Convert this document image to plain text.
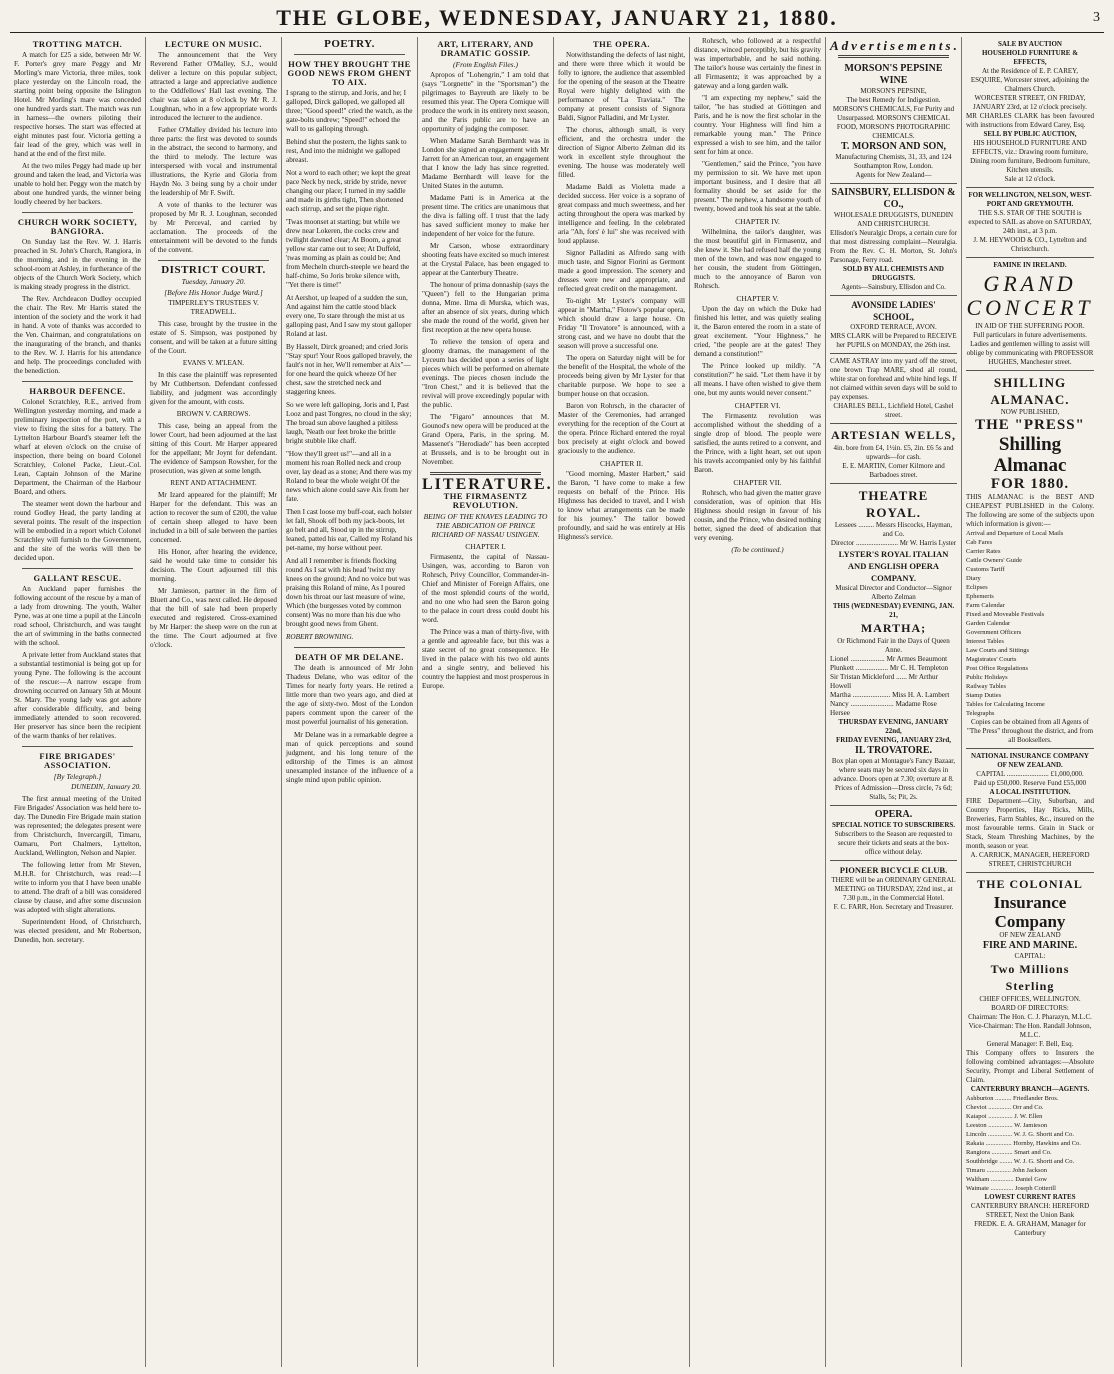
THE GLOBE, WEDNESDAY, JANUARY 21, 1880.	3
TROTTING MATCH.

A match for £25 a side, between Mr W. F. Porter's grey mare Peggy and Mr Morling's mare Victoria, three miles, took place yesterday on the Lincoln road, the starting point being opposite the Islington Hotel. Mr Morling's mare was conceded one hundred yards start. The match was run in harness—the owners piloting their respective horses. The start was effected at eight minutes past four. Victoria getting a fair lead of the grey, which was well in hand at the end of the first mile.

At the two miles Peggy had made up her ground and taken the lead, and Victoria was unable to hold her. Peggy won the match by about one hundred yards, the winner being loudly cheered by her backers.

CHURCH WORK SOCIETY, BANGIORA.

On Sunday last the Rev. W. J. Harris preached in St. John's Church, Rangiora, in the morning, and in the evening in the school-room at Ashley, in furtherance of the objects of the Church Work Society, which is making steady progress in the district.

The Rev. Archdeacon Dudley occupied the chair. The Rev. Mr Harris stated the intention of the society and the work it had in hand. A vote of thanks was accorded to the Ven. Chairman, and congratulations on the inaugurating of the branch, and thanks to the Rev. W. J. Harris for his attendance and help. The proceedings concluded with the benediction.

HARBOUR DEFENCE.

Colonel Scratchley, R.E., arrived from Wellington yesterday morning, and made a preliminary inspection of the port, with a view to fixing the sites for a battery. The Lyttelton Harbour Board's steamer left the wharf at eleven o'clock on the cruise of inspection, there being on board Colonel Scratchley, Colonel Packe, Lieut.-Col. Lean, Captain Johnson of the Marine Department, the Chairman of the Harbour Board, and others.

The steamer went down the harbour and round Godley Head, the party landing at several points. The result of the inspection will be embodied in a report which Colonel Scratchley will furnish to the Government, and the site of the works will then be decided upon.

GALLANT RESCUE.

An Auckland paper furnishes the following account of the rescue by a man of a lady from drowning. The youth, Walter Pyne, was at one time a pupil at the Lincoln road school, Christchurch, and was taught the art of swimming in the baths connected with the school.

A private letter from Auckland states that a substantial testimonial is being got up for young Pyne. The following is the account of the rescue:—A narrow escape from drowning occurred on January 5th at Mount St. Mary. The young lady was got ashore after considerable difficulty, and being immediately attended to soon recovered. Her preserver has since been the recipient of the warm thanks of her relatives.

FIRE BRIGADES' ASSOCIATION.
[By Telegraph.]

DUNEDIN, January 20.

The first annual meeting of the United Fire Brigades' Association was held here to-day. The Dunedin Fire Brigade main station was represented; the delegates present were from Christchurch, Invercargill, Timaru, Oamaru, Port Chalmers, Lyttelton, Auckland, Wellington, Nelson and Napier.

The following letter from Mr Steven, M.H.R. for Christchurch, was read:—I write to inform you that I have been unable to attend. The draft of a bill was considered clause by clause, and after some discussion was adopted with slight alterations.

Superintendent Hood, of Christchurch, was elected president, and Mr Robertson, Dunedin, hon. secretary.

LECTURE ON MUSIC.

The announcement that the Very Reverend Father O'Malley, S.J., would deliver a lecture on this popular subject, attracted a large and appreciative audience to the Oddfellows' Hall last evening. The chair was taken at 8 o'clock by Mr R. J. Loughnan, who in a few appropriate words introduced the lecturer to the audience.

Father O'Malley divided his lecture into three parts: the first was devoted to sounds in the abstract, the second to harmony, and the third to melody. The lecture was interspersed with vocal and instrumental illustrations, the Kyrie and Gloria from Haydn No. 3 being sung by a choir under the leadership of Mr F. Swift.

A vote of thanks to the lecturer was proposed by Mr R. J. Loughnan, seconded by Mr Perceval, and carried by acclamation. The proceeds of the entertainment will be devoted to the funds of the convent.

DISTRICT COURT.
Tuesday, January 20.
[Before His Honor Judge Ward.]

TIMPERLEY'S TRUSTEES V. TREADWELL.

This case, brought by the trustee in the estate of S. Simpson, was postponed by consent, and will be taken at a future sitting of the Court.

EVANS V. M'LEAN.

In this case the plaintiff was represented by Mr Cuthbertson. Defendant confessed liability, and judgment was accordingly given for the amount, with costs.

BROWN V. CARROWS.

This case, being an appeal from the lower Court, had been adjourned at the last sitting of this Court. Mr Harper appeared for the appellant; Mr Joynt for defendant. The evidence of Sampson Rowsher, for the prosecution, was given at some length.

RENT AND ATTACHMENT.

Mr Izard appeared for the plaintiff; Mr Harper for the defendant. This was an action to recover the sum of £200, the value of certain sheep alleged to have been included in a bill of sale between the parties concerned.

His Honor, after hearing the evidence, said he would take time to consider his decision. The Court adjourned till this morning.

Mr Jamieson, partner in the firm of Bluett and Co., was next called. He deposed that the bill of sale had been properly executed and registered. Cross-examined by Mr Harper: the sheep were on the run at the time. The Court adjourned at five o'clock.

POETRY.
HOW THEY BROUGHT THE GOOD NEWS FROM GHENT TO AIX.

I sprang to the stirrup, and Joris, and he; I galloped, Dirck galloped, we galloped all three; "Good speed!" cried the watch, as the gate-bolts undrew; "Speed!" echoed the wall to us galloping through.

Behind shut the postern, the lights sank to rest, And into the midnight we galloped abreast.

Not a word to each other; we kept the great pace Neck by neck, stride by stride, never changing our place; I turned in my saddle and made its girths tight, Then shortened each stirrup, and set the pique right.

'Twas moonset at starting; but while we drew near Lokeren, the cocks crew and twilight dawned clear; At Boom, a great yellow star came out to see; At Duffeld, 'twas morning as plain as could be; And from Mecheln church-steeple we heard the half-chime, So Joris broke silence with, "Yet there is time!"

At Aershot, up leaped of a sudden the sun, And against him the cattle stood black every one, To stare through the mist at us galloping past, And I saw my stout galloper Roland at last.

By Hasselt, Dirck groaned; and cried Joris "Stay spur! Your Roos galloped bravely, the fault's not in her, We'll remember at Aix"—for one heard the quick wheeze Of her chest, saw the stretched neck and staggering knees.

So we were left galloping, Joris and I, Past Looz and past Tongres, no cloud in the sky; The broad sun above laughed a pitiless laugh, 'Neath our feet broke the brittle bright stubble like chaff.

"How they'll greet us!"—and all in a moment his roan Rolled neck and croup over, lay dead as a stone; And there was my Roland to bear the whole weight Of the news which alone could save Aix from her fate.

Then I cast loose my buff-coat, each holster let fall, Shook off both my jack-boots, let go belt and all, Stood up in the stirrup, leaned, patted his ear, Called my Roland his pet-name, my horse without peer.

And all I remember is friends flocking round As I sat with his head 'twixt my knees on the ground; And no voice but was praising this Roland of mine, As I poured down his throat our last measure of wine, Which (the burgesses voted by common consent) Was no more than his due who brought good news from Ghent.

ROBERT BROWNING.

DEATH OF MR DELANE.

The death is announced of Mr John Thadeus Delane, who was editor of the Times for nearly forty years. He retired a little more than two years ago, and died at the age of sixty-two. Most of the London papers comment upon the career of the most powerful journalist of his generation.

Mr Delane was in a remarkable degree a man of quick perceptions and sound judgment, and his long tenure of the editorship of the Times is an almost unexampled instance of the influence of a single mind upon public opinion.

ART, LITERARY, AND DRAMATIC GOSSIP.
(From English Files.)

Apropos of "Lohengrin," I am told that (says "Lorgnette" in the "Sportsman") the pilgrimages to Bayreuth are likely to be resumed this year. The Opera Comique will produce the work in its entirety next season, and the Paris public are to have an opportunity of judging the composer.

When Madame Sarah Bernhardt was in London she signed an engagement with Mr Jarrett for an American tour, an engagement that I know the lady has since regretted. Madame Bernhardt will leave for the United States in the autumn.

Madame Patti is in America at the present time. The critics are unanimous that the diva is falling off. I trust that the lady has saved sufficient money to make her independent of her voice for the future.

Mr Carson, whose extraordinary shooting feats have excited so much interest at the Crystal Palace, has been engaged to appear at the Canterbury Theatre.

The honour of prima donnaship (says the "Queen") fell to the Hungarian prima donna, Mme. Ilma di Murska, which was, after an absence of six years, during which she made the round of the world, given her first reception at the new opera house.

To relieve the tension of opera and gloomy dramas, the management of the Lyceum has decided upon a series of light pieces which will be performed on alternate evenings. The pieces chosen include the "Iron Chest," and it is believed that the revival will prove exceedingly popular with the public.

The "Figaro" announces that M. Gounod's new opera will be produced at the Grand Opera, Paris, in the spring. M. Massenet's "Herodiade" has been accepted at Brussels, and is to be brought out in November.

LITERATURE.
THE FIRMASENTZ REVOLUTION.
BEING OF THE KNAVES LEADING TO THE ABDICATION OF PRINCE RICHARD OF NASSAU USINGEN.
CHAPTER I.

Firmasentz, the capital of Nassau-Usingen, was, according to Baron von Rohrsch, Privy Councillor, Commander-in-Chief and Minister of Foreign Affairs, one of the most splendid courts of the world, and no one who had seen the Baron going to the palace in court dress could doubt his word.

The Prince was a man of thirty-five, with a gentle and agreeable face, but this was a state secret of no great consequence. He lived in the palace with his two old aunts and a single sentry, and believed his country the happiest and most prosperous in Europe.

THE OPERA.

Notwithstanding the defects of last night, and there were three which it would be folly to ignore, the audience that assembled for the opening of the season at the Theatre Royal were highly delighted with the performance of "La Traviata." The company at present consists of Signora Baldi, Signor Palladini, and Mr Lyster.

The chorus, although small, is very efficient, and the orchestra under the direction of Signor Alberto Zelman did its work in excellent style throughout the evening. The house was moderately well filled.

Madame Baldi as Violetta made a decided success. Her voice is a soprano of great compass and much sweetness, and her acting throughout the opera was marked by intelligence and feeling. In the celebrated aria "Ah, fors' è lui" she was received with loud applause.

Signor Palladini as Alfredo sang with much taste, and Signor Fiorini as Germont made a good impression. The scenery and dresses were new and appropriate, and reflected great credit on the management.

To-night Mr Lyster's company will appear in "Martha," Flotow's popular opera, which should draw a large house. On Friday "Il Trovatore" is announced, with a strong cast, and we have no doubt that the season will prove a successful one.

The opera on Saturday night will be for the benefit of the Hospital, the whole of the proceeds being given by Mr Lyster for that charitable purpose. We hope to see a bumper house on that occasion.

Baron von Rohrsch, in the character of Master of the Ceremonies, had arranged everything for the reception of the Court at the opera. Prince Richard entered the royal box precisely at eight o'clock and bowed graciously to the audience.

CHAPTER II.

"Good morning, Master Harbert," said the Baron, "I have come to make a few requests on behalf of the Prince. His Highness has decided to travel, and I wish to know what arrangements can be made for his journey." The tailor bowed profoundly, and said he was entirely at His Highness's service.

Rohrsch, who followed at a respectful distance, winced perceptibly, but his gravity was imperturbable, and he said nothing. The tailor's house was certainly the finest in all Firmasentz; it was approached by a gateway and a long garden walk.

"I am expecting my nephew," said the tailor, "he has studied at Göttingen and Paris, and he is now the first scholar in the country. Your Highness will find him a remarkable young man." The Prince expressed a wish to see him, and the tailor sent for him at once.

"Gentlemen," said the Prince, "you have my permission to sit. We have met upon important business, and I desire that all formality should be set aside for the present." The nephew, a handsome youth of twenty, bowed and took his seat at the table.

CHAPTER IV.

Wilhelmina, the tailor's daughter, was the most beautiful girl in Firmasentz, and she knew it. She had refused half the young men of the town, and was now engaged to her cousin, the student from Göttingen, much to the annoyance of Baron von Rohrsch.

CHAPTER V.

Upon the day on which the Duke had finished his letter, and was quietly sealing it, the Baron entered the room in a state of great excitement. "Your Highness," he cried, "the people are at the gates! They demand a constitution!"

The Prince looked up mildly. "A constitution?" he said. "Let them have it by all means. I have often wished to give them one, but my aunts would never consent."

CHAPTER VI.

The Firmasentz revolution was accomplished without the shedding of a single drop of blood. The people were satisfied, the aunts retired to a convent, and the Prince, with a light heart, set out upon his travels accompanied only by his faithful Baron.

CHAPTER VII.

Rohrsch, who had given the matter grave consideration, was of opinion that His Highness should resign in favour of his cousin, and the Prince, who desired nothing better, signed the deed of abdication that very evening.

(To be continued.)

Advertisements.
MORSON'S PEPSINE WINE
MORSON'S PEPSINE,
The best Remedy for Indigestion. MORSON'S CHEMICALS, For Purity and Unsurpassed. MORSON'S CHEMICAL FOOD, MORSON'S PHOTOGRAPHIC CHEMICALS.
T. MORSON AND SON,
Manufacturing Chemists, 31, 33, and 124 Southampton Row, London.
Agents for New Zealand—
SAINSBURY, ELLISDON & CO.,
WHOLESALE DRUGGISTS, DUNEDIN AND CHRISTCHURCH.
Ellisdon's Neuralgic Drops, a certain cure for that most distressing complaint—Neuralgia. From the Rev. C. H. Morton, St. John's Parsonage, Ferry road.
SOLD BY ALL CHEMISTS AND DRUGGISTS.
Agents—Sainsbury, Ellisdon and Co.
AVONSIDE LADIES' SCHOOL,
OXFORD TERRACE, AVON.
MRS CLARK will be Prepared to RECEIVE her PUPILS on MONDAY, the 26th inst.
CAME ASTRAY into my yard off the street, one brown Trap MARE, shod all round, white star on forehead and white hind legs. If not claimed within seven days will be sold to pay expenses.
CHARLES BELL, Lichfield Hotel, Cashel street.
ARTESIAN WELLS,
4in. bore from £4, 1½in. £5, 2in. £6 5s and upwards—for cash.
E. E. MARTIN, Corner Kilmore and Barbadoes street.
THEATRE ROYAL.
Lessees ......... Messrs Hiscocks, Hayman, and Co.
Director ........................ Mr W. Harris Lyster
LYSTER'S ROYAL ITALIAN AND ENGLISH OPERA COMPANY.
Musical Director and Conductor—Signor Alberto Zelman
THIS (WEDNESDAY) EVENING, JAN. 21,
MARTHA;
Or Richmond Fair in the Days of Queen Anne.
Lionel ................... Mr Armes Beaumont
Plunkett .................. Mr C. H. Templeton
Sir Tristan Mickleford ...... Mr Arthur Howell
Martha ..................... Miss H. A. Lambert
Nancy ........................ Madame Rose Hersee
THURSDAY EVENING, JANUARY 22nd,
FRIDAY EVENING, JANUARY 23rd,
IL TROVATORE.
Box plan open at Montague's Fancy Bazaar, where seats may be secured six days in advance. Doors open at 7.30; overture at 8.
Prices of Admission—Dress circle, 7s 6d; Stalls, 5s; Pit, 2s.
OPERA.
SPECIAL NOTICE TO SUBSCRIBERS.
Subscribers to the Season are requested to secure their tickets and seats at the box-office without delay.
PIONEER BICYCLE CLUB.
THERE will be an ORDINARY GENERAL MEETING on THURSDAY, 22nd inst., at 7.30 p.m., in the Commercial Hotel.
F. C. FARR, Hon. Secretary and Treasurer.
SALE BY AUCTION
HOUSEHOLD FURNITURE & EFFECTS,
At the Residence of E. P. CAREY, ESQUIRE, Worcester street, adjoining the Chalmers Church.
WORCESTER STREET, ON FRIDAY, JANUARY 23rd, at 12 o'clock precisely.
MR CHARLES CLARK has been favoured with instructions from Edward Carey, Esq.
SELL BY PUBLIC AUCTION,
HIS HOUSEHOLD FURNITURE AND EFFECTS, viz.: Drawing room furniture, Dining room furniture, Bedroom furniture, Kitchen utensils.
Sale at 12 o'clock.
FOR WELLINGTON, NELSON, WEST-PORT AND GREYMOUTH.
THE S.S. STAR OF THE SOUTH is expected to SAIL as above on SATURDAY, 24th inst., at 3 p.m.
J. M. HEYWOOD & CO., Lyttelton and Christchurch.
FAMINE IN IRELAND.
GRAND CONCERT
IN AID OF THE SUFFERING POOR.
Full particulars in future advertisements.
Ladies and gentlemen willing to assist will oblige by communicating with PROFESSOR HUGHES, Manchester street.
SHILLING ALMANAC.
NOW PUBLISHED,
THE "PRESS"
Shilling Almanac
FOR 1880.
THIS ALMANAC is the BEST AND CHEAPEST PUBLISHED in the Colony. The following are some of the subjects upon which information is given:—
Arrival and Departure of Local Mails
Cab Fares
Carrier Rates
Cattle Owners' Guide
Customs Tariff
Diary
Eclipses
Ephemeris
Farm Calendar
Fixed and Moveable Festivals
Garden Calendar
Government Officers
Interest Tables
Law Courts and Sittings
Magistrates' Courts
Post Office Regulations
Public Holidays
Railway Tables
Stamp Duties
Tables for Calculating Income
Telegraphs
Copies can be obtained from all Agents of "The Press" throughout the district, and from all Booksellers.
NATIONAL INSURANCE COMPANY OF NEW ZEALAND.
CAPITAL ........................ £1,000,000.
Paid up £50,000. Reserve Fund £55,000
A LOCAL INSTITUTION.
FIRE Department—City, Suburban, and Country Properties, Hay Ricks, Mills, Breweries, Farm Stables, &c., insured on the most favourable terms. Grain in Stack or Stack, Steam Threshing Machines, by the month, season or year.
A. CARRICK, MANAGER, HEREFORD STREET, CHRISTCHURCH
THE COLONIAL
Insurance Company
OF NEW ZEALAND
FIRE AND MARINE.
CAPITAL:
Two Millions Sterling
CHIEF OFFICES, WELLINGTON.
BOARD OF DIRECTORS:
Chairman: The Hon. C. J. Pharazyn, M.L.C.
Vice-Chairman: The Hon. Randall Johnson, M.L.C.
General Manager: F. Bell, Esq.
This Company offers to Insurers the following combined advantages:—Absolute Security, Prompt and Liberal Settlement of Claim.
CANTERBURY BRANCH—AGENTS.
Ashburton .......... Friedlander Bros.
Cheviot .............. Orr and Co.
Kaiapoi ............... J. W. Ellen
Leeston ............... W. Jamieson
Lincoln ............... W. J. G. Shortt and Co.
Rakaia ................ Hornby, Hawkins and Co.
Rangiora ............. Smart and Co.
Southbridge ........ W. J. G. Shortt and Co.
Timaru ............... John Jackson
Waltham .............. Daniel Gow
Waimate .............. Joseph Cotterill
LOWEST CURRENT RATES
CANTERBURY BRANCH: HEREFORD STREET, Next the Union Bank
FREDK. E. A. GRAHAM, Manager for Canterbury
